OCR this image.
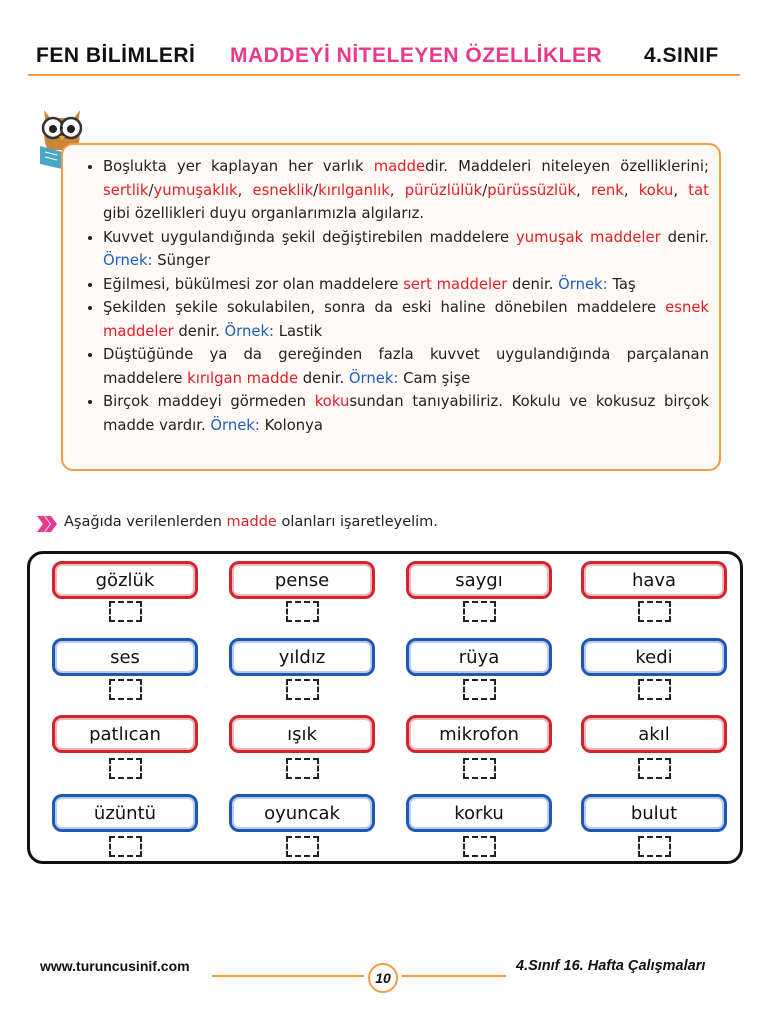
FEN BİLİMLERİ MADDEYİ NİTELEYEN ÖZELLİKLER 4.SINIF
• Boşlukta yer kaplayan her varlık maddedir. Maddeleri niteleyen özelliklerini; sertlik/yumuşaklık, esneklik/kırılganlık, pürüzlülük/pürüssüzlük, renk, koku, tat gibi özellikleri duyu organlarımızla algılarız.
• Kuvvet uygulandığında şekil değiştirebilen maddelere yumuşak maddeler denir. Örnek: Sünger
• Eğilmesi, bükülmesi zor olan maddelere sert maddeler denir. Örnek: Taş
• Şekilden şekile sokulabilen, sonra da eski haline dönebilen maddelere esnek maddeler denir. Örnek: Lastik
• Düştüğünde ya da gereğinden fazla kuvvet uygulandığında parçalanan maddelere kırılgan madde denir. Örnek: Cam şişe
• Birçok maddeyi görmeden kokusundan tanıyabiliriz. Kokulu ve kokusuz birçok madde vardır. Örnek: Kolonya
Aşağıda verilenlerden madde olanları işaretleyelim.
gözlük	pense	saygı	hava
ses	yıldız	rüya	kedi
patlıcan	ışık	mikrofon	akıl
üzüntü	oyuncak	korku	bulut
www.turuncusinif.com
10
4.Sınıf 16. Hafta Çalışmaları
